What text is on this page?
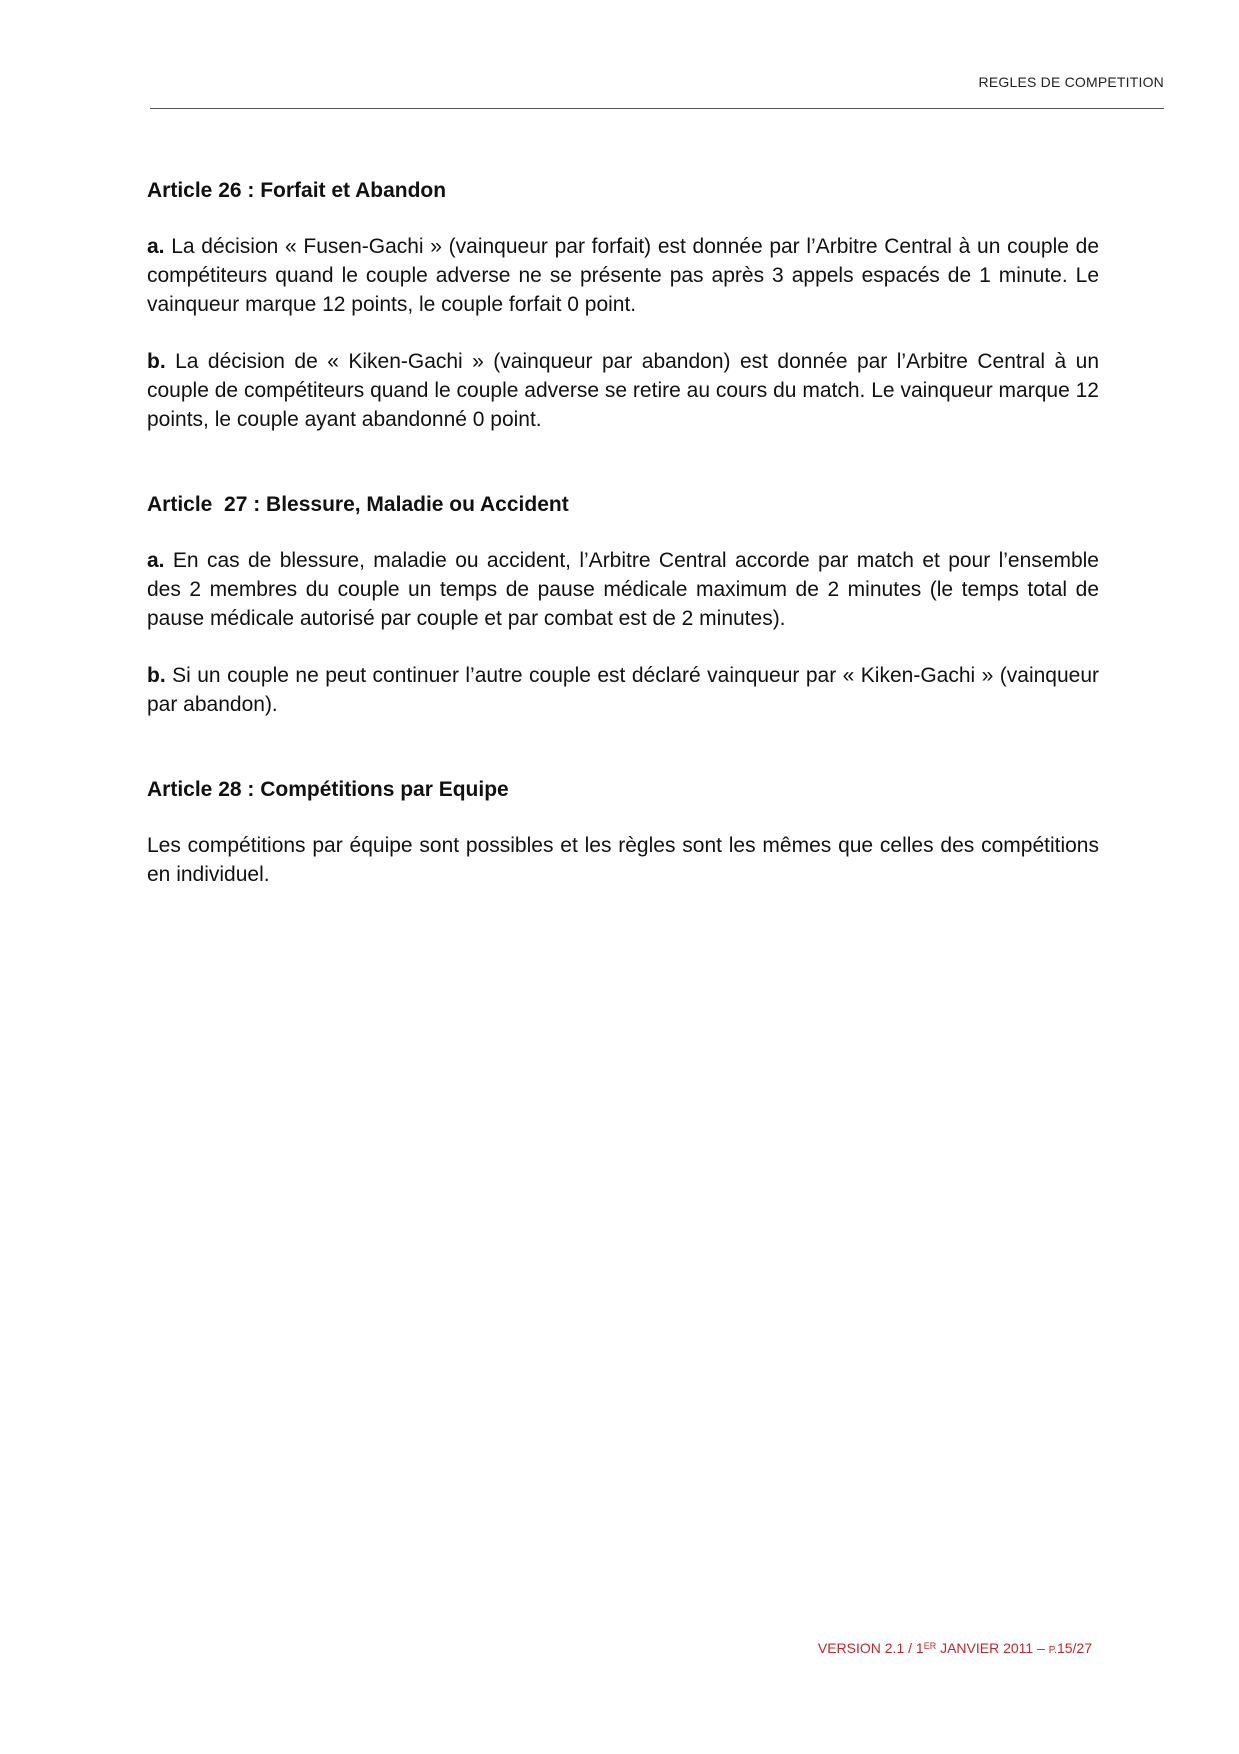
REGLES DE COMPETITION
Article 26 : Forfait et Abandon

a. La décision « Fusen-Gachi » (vainqueur par forfait) est donnée par l’Arbitre Central à un couple de compétiteurs quand le couple adverse ne se présente pas après 3 appels espacés de 1 minute. Le vainqueur marque 12 points, le couple forfait 0 point.

b. La décision de « Kiken-Gachi » (vainqueur par abandon) est donnée par l’Arbitre Central à un couple de compétiteurs quand le couple adverse se retire au cours du match. Le vainqueur marque 12 points, le couple ayant abandonné 0 point.

Article  27 : Blessure, Maladie ou Accident

a. En cas de blessure, maladie ou accident, l’Arbitre Central accorde par match et pour l’ensemble des 2 membres du couple un temps de pause médicale maximum de 2 minutes (le temps total de pause médicale autorisé par couple et par combat est de 2 minutes).

b. Si un couple ne peut continuer l’autre couple est déclaré vainqueur par « Kiken-Gachi » (vainqueur par abandon).

Article 28 : Compétitions par Equipe

Les compétitions par équipe sont possibles et les règles sont les mêmes que celles des compétitions en individuel.

VERSION 2.1 / 1ER JANVIER 2011 – P.15/27
